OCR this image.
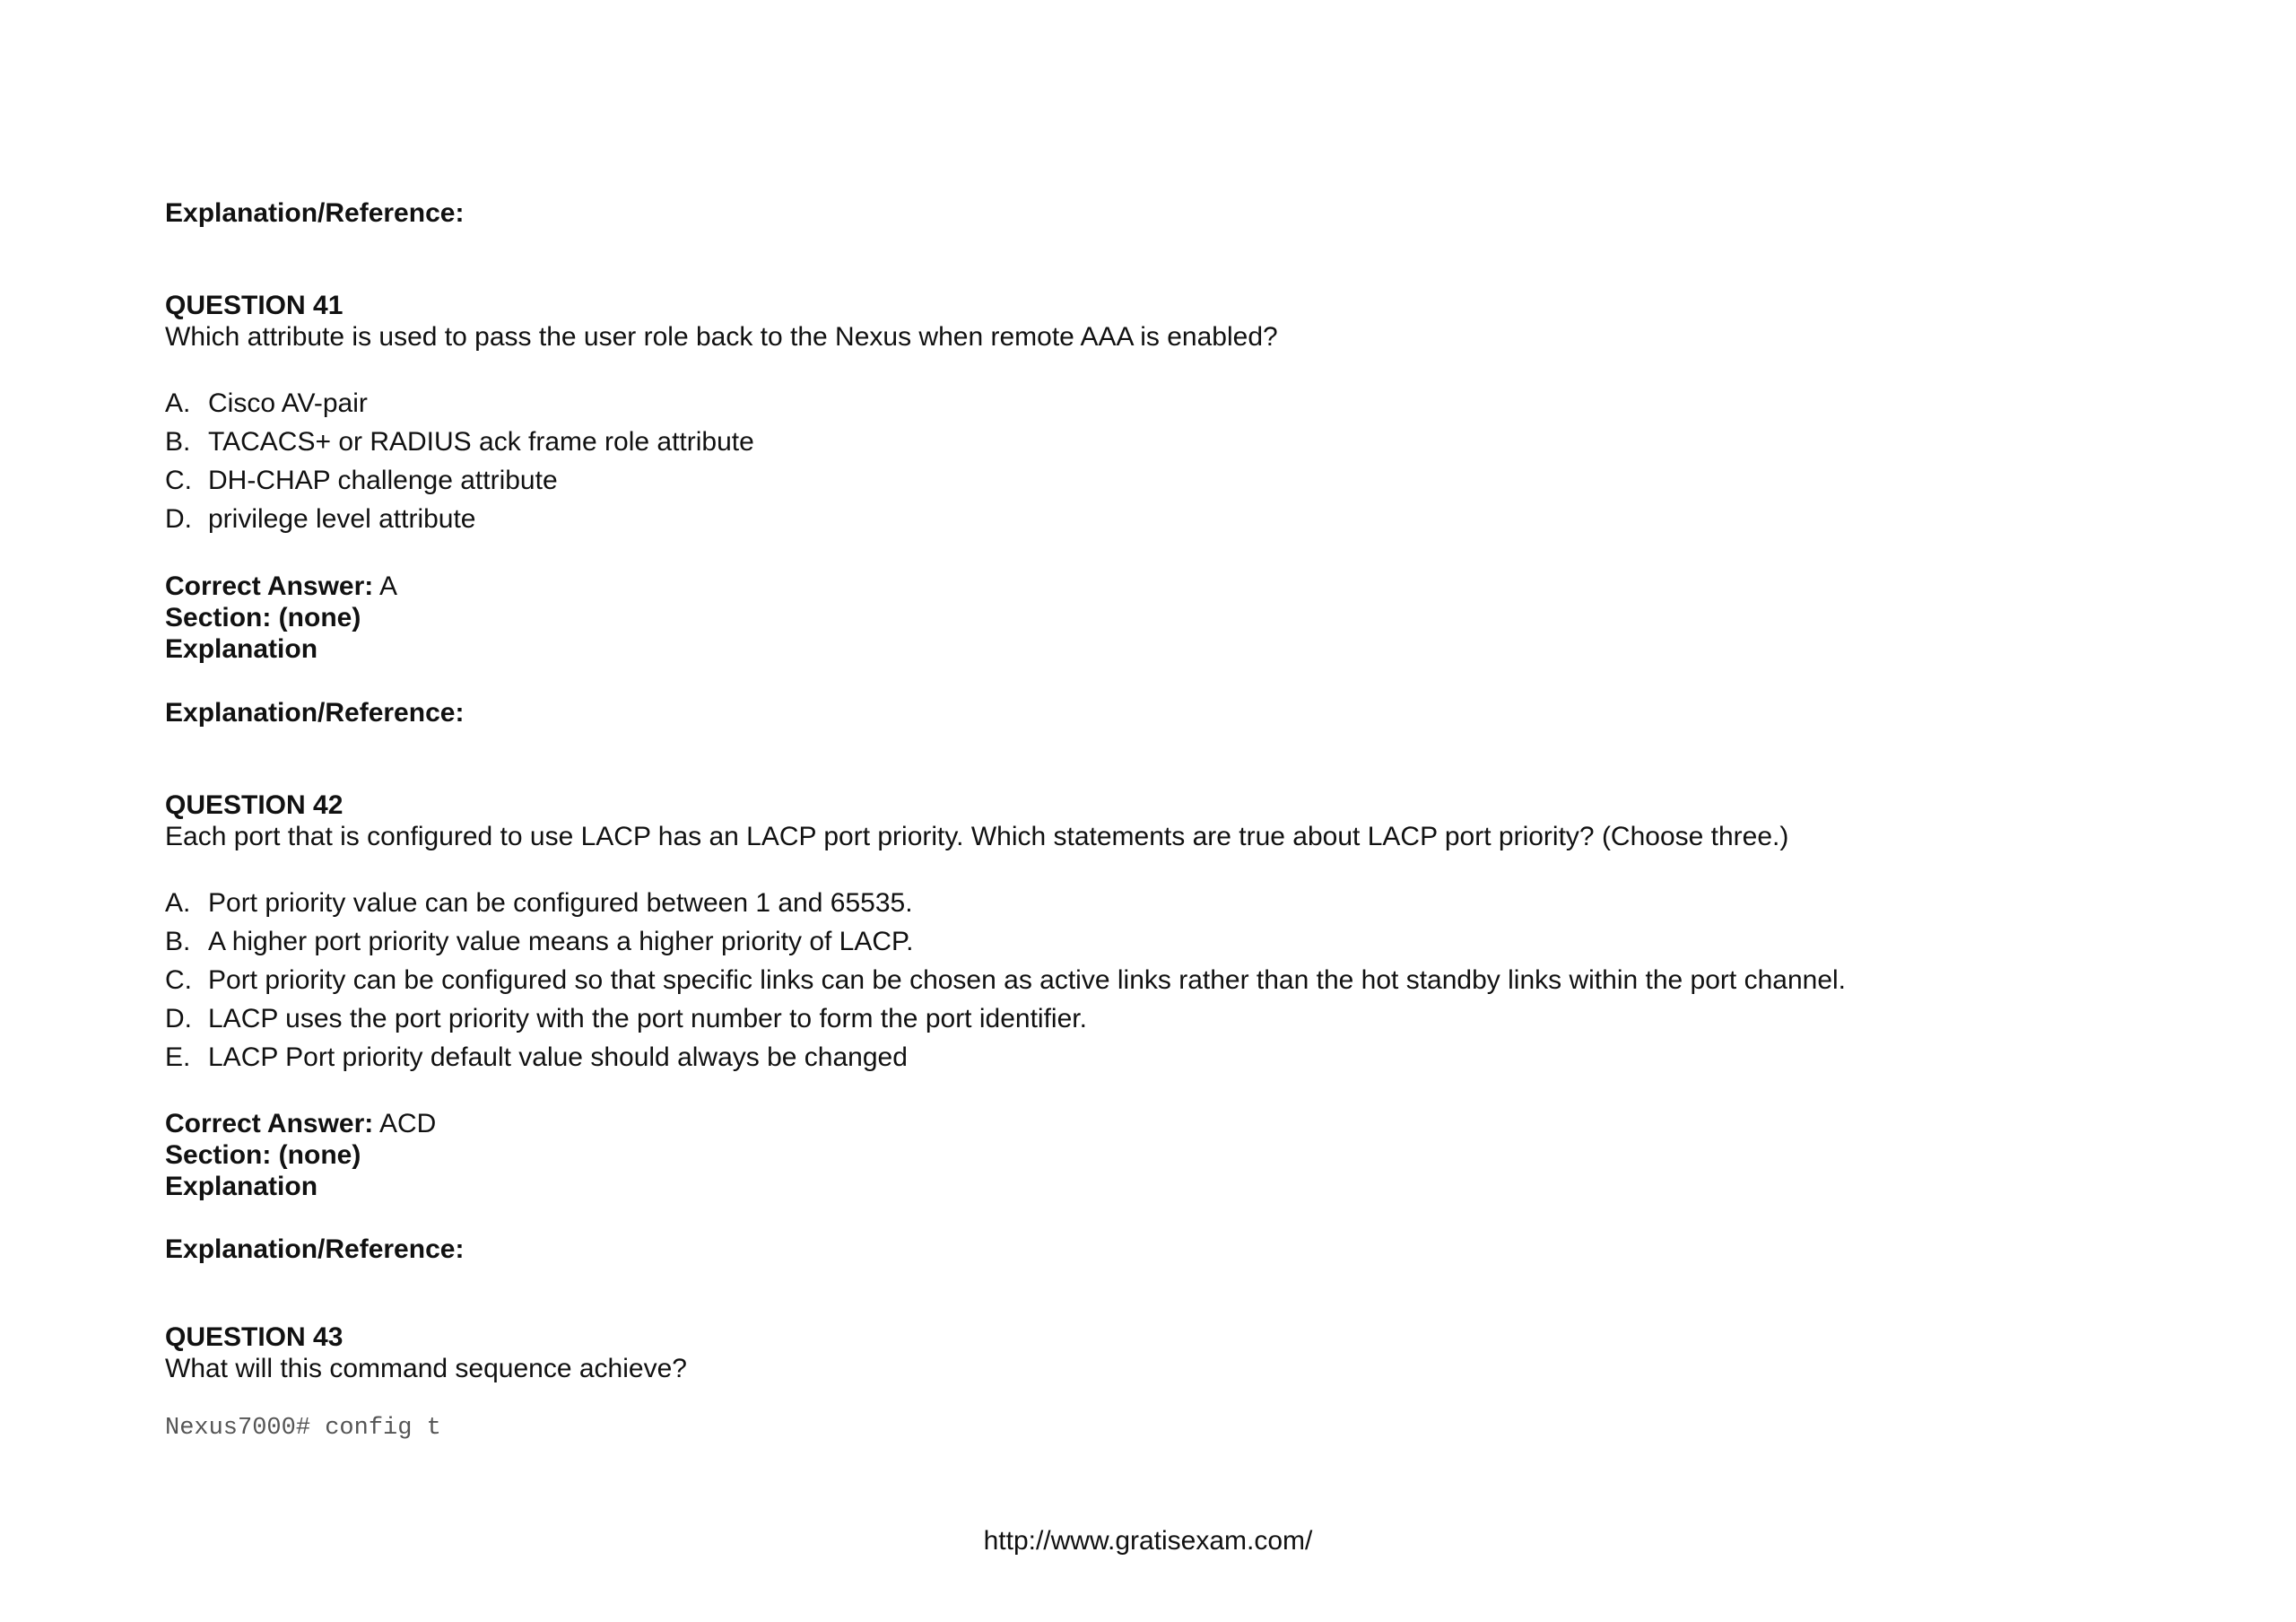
Explanation/Reference:
QUESTION 41
Which attribute is used to pass the user role back to the Nexus when remote AAA is enabled?
A. Cisco AV-pair
B. TACACS+ or RADIUS ack frame role attribute
C. DH-CHAP challenge attribute
D. privilege level attribute
Correct Answer: A
Section: (none)
Explanation
Explanation/Reference:
QUESTION 42
Each port that is configured to use LACP has an LACP port priority. Which statements are true about LACP port priority? (Choose three.)
A. Port priority value can be configured between 1 and 65535.
B. A higher port priority value means a higher priority of LACP.
C. Port priority can be configured so that specific links can be chosen as active links rather than the hot standby links within the port channel.
D. LACP uses the port priority with the port number to form the port identifier.
E. LACP Port priority default value should always be changed
Correct Answer: ACD
Section: (none)
Explanation
Explanation/Reference:
QUESTION 43
What will this command sequence achieve?
Nexus7000# config t
http://www.gratisexam.com/
